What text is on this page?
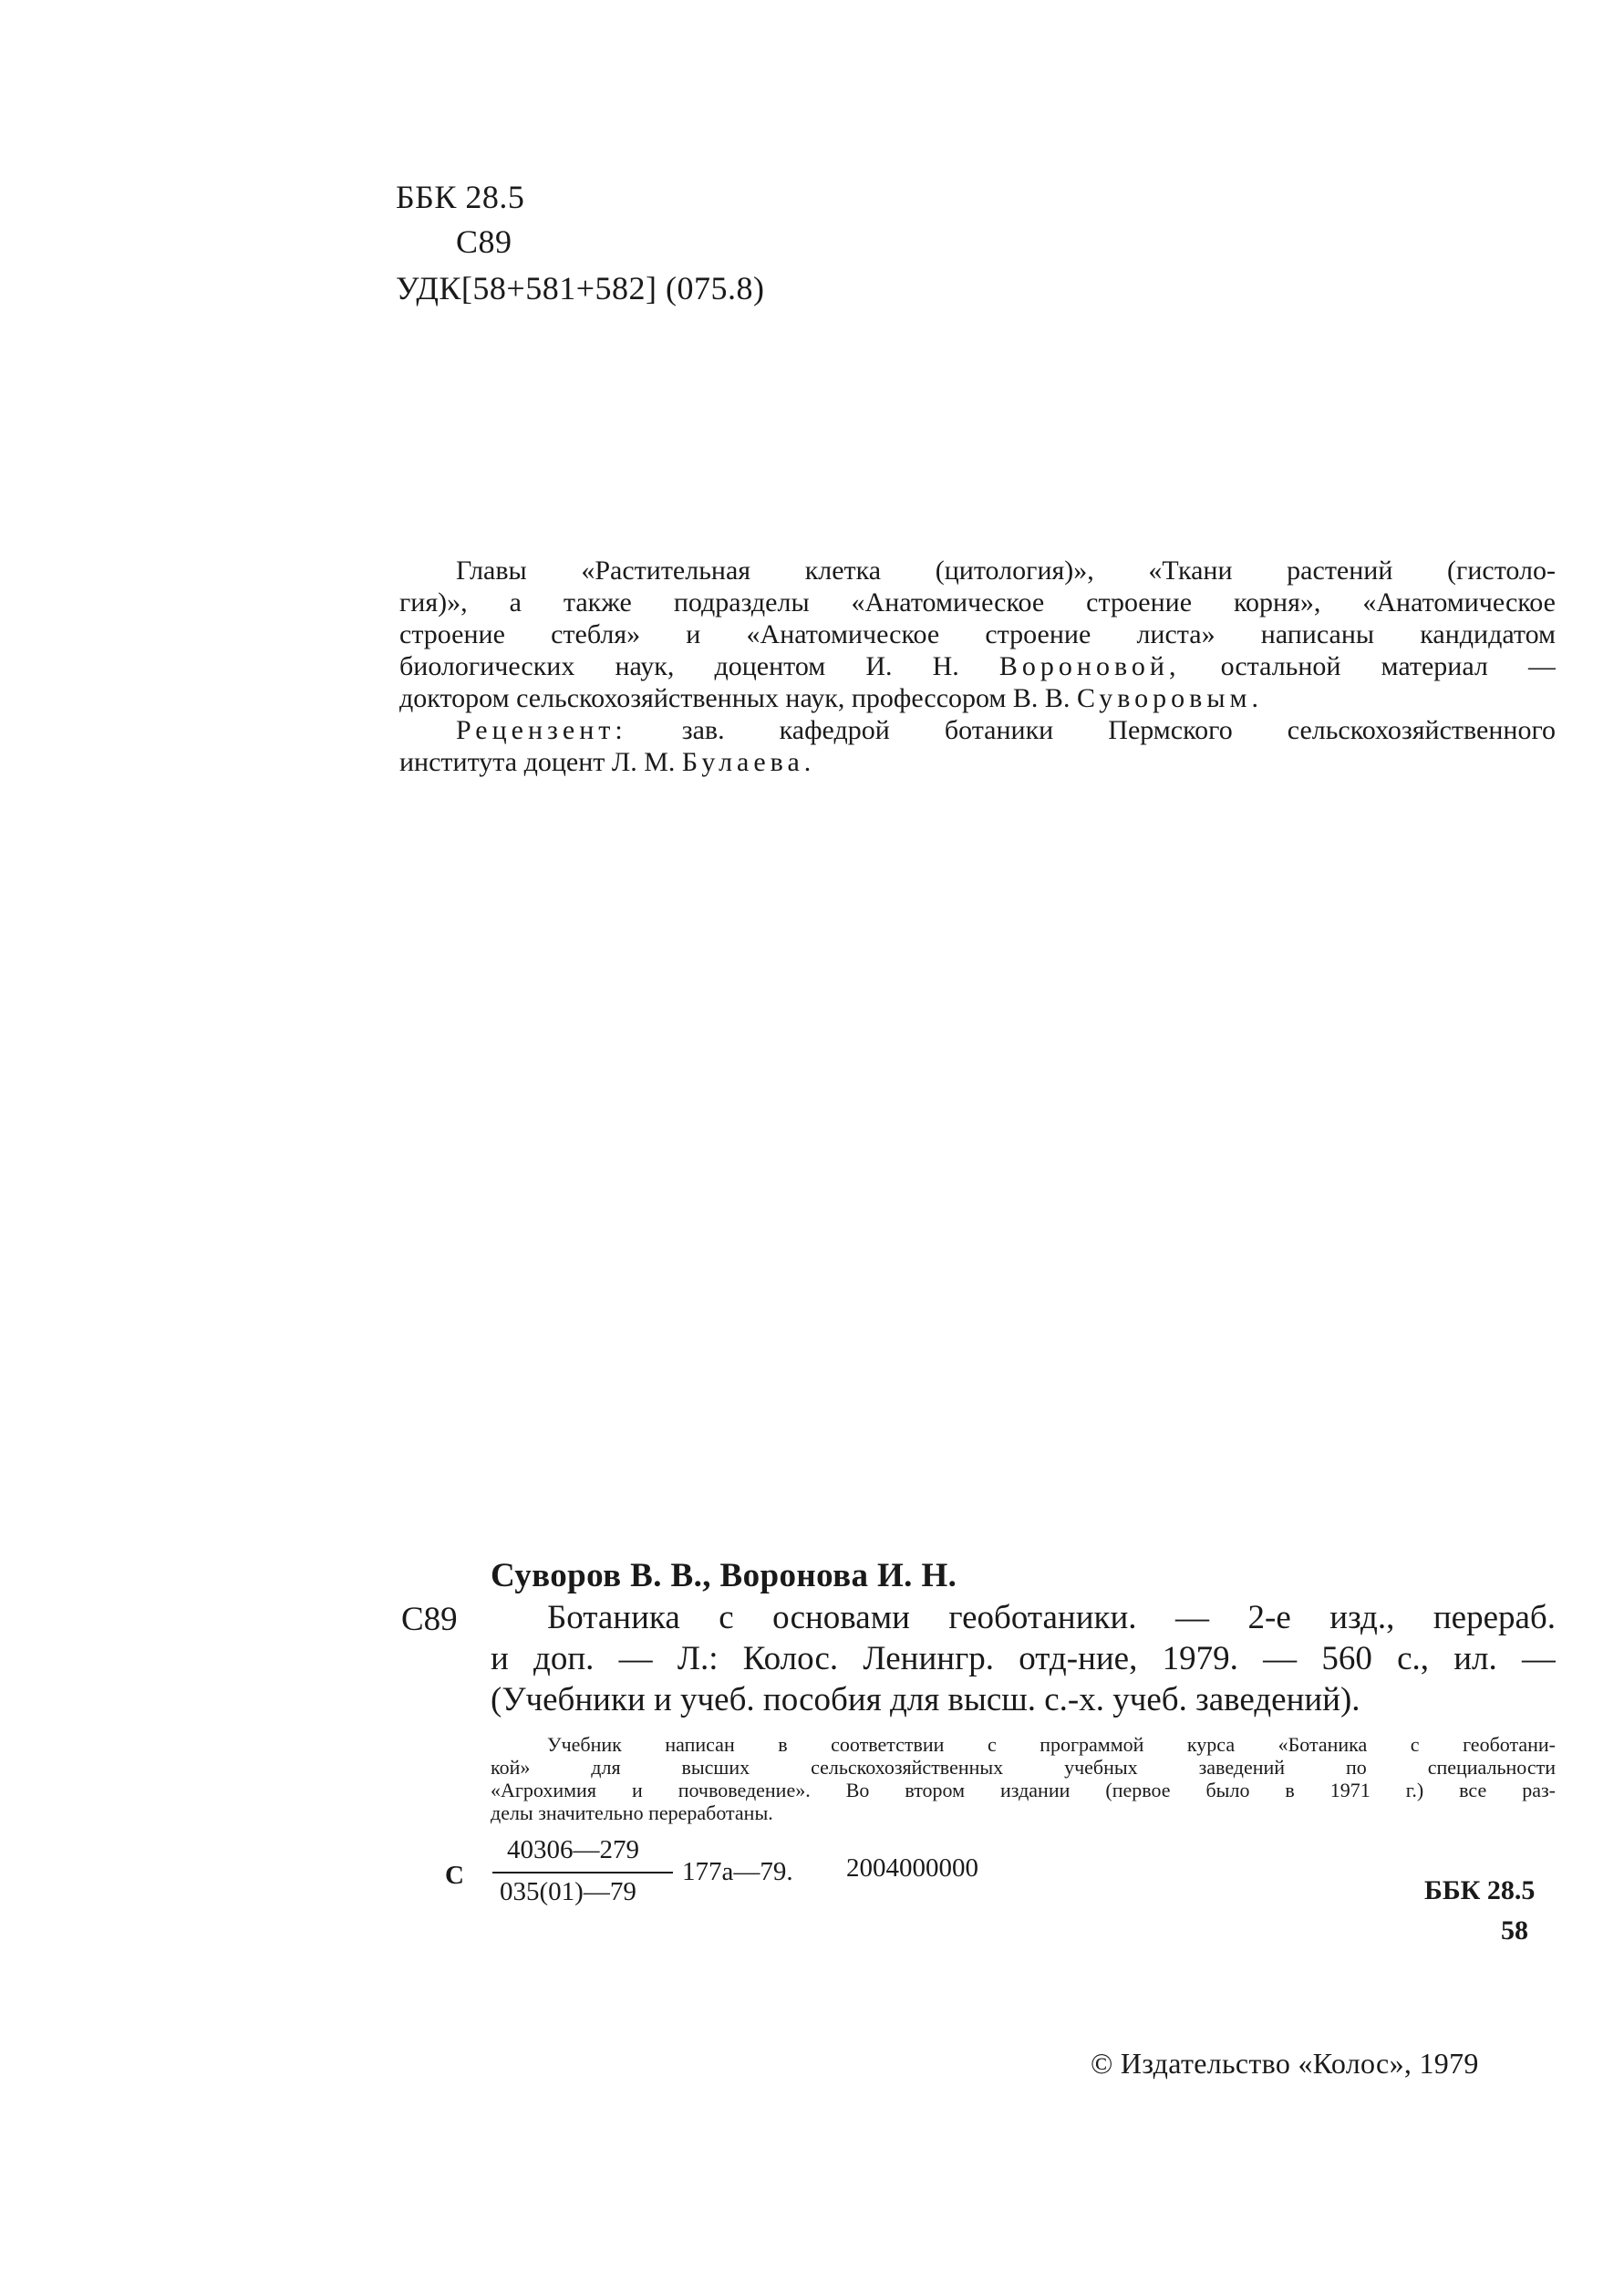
ББК 28.5
С89
УДК[58+581+582] (075.8)
Главы «Растительная клетка (цитология)», «Ткани растений (гистоло-
гия)», а также подразделы «Анатомическое строение корня», «Анатомическое
строение стебля» и «Анатомическое строение листа» написаны кандидатом
биологических наук, доцентом И. Н. Вороновой, остальной материал —
доктором сельскохозяйственных наук, профессором В. В. Суворовым.
Рецензент: зав. кафедрой ботаники Пермского сельскохозяйственного
института доцент Л. М. Булаева.
Суворов В. В., Воронова И. Н.
С89	Ботаника с основами геоботаники. — 2-е изд., перераб.
и доп. — Л.: Колос. Ленингр. отд-ние, 1979. — 560 с., ил. —
(Учебники и учеб. пособия для высш. с.-х. учеб. заведений).
Учебник написан в соответствии с программой курса «Ботаника с геоботани-
кой» для высших сельскохозяйственных учебных заведений по специальности
«Агрохимия и почвоведение». Во втором издании (первое было в 1971 г.) все раз-
делы значительно переработаны.
С
40306—279
035(01)—79
177а—79. 2004000000
ББК 28.5
58
© Издательство «Колос», 1979
